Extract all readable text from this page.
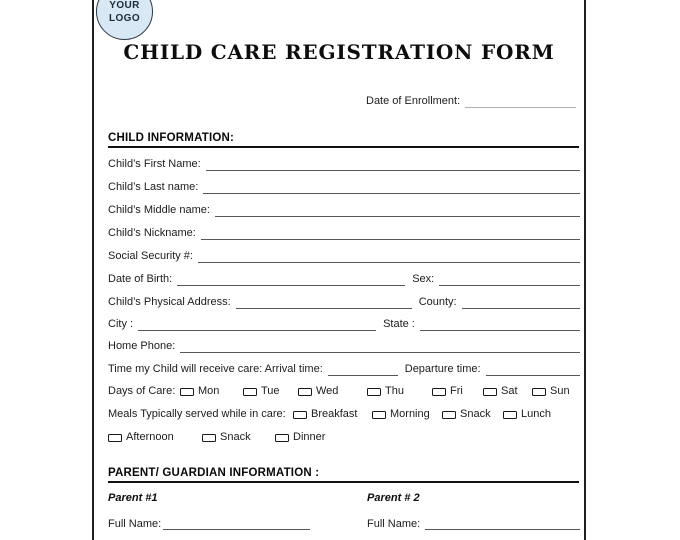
YOUR
LOGO
CHILD CARE REGISTRATION FORM
Date of Enrollment:
CHILD INFORMATION:
Child’s First Name:
Child’s Last name:
Child’s Middle name:
Child’s Nickname:
Social Security #:
Date of Birth:	Sex:
Child’s Physical Address:	County:
City :	State :
Home Phone:
Time my Child will receive care: Arrival time:	Departure time:
Days of Care: Mon	Tue	Wed	Thu	Fri	Sat	Sun
Meals Typically served while in care: Breakfast	Morning	Snack	Lunch
Afternoon	Snack	Dinner
PARENT/ GUARDIAN INFORMATION :
Parent #1	Parent # 2
Full Name:	Full Name:
